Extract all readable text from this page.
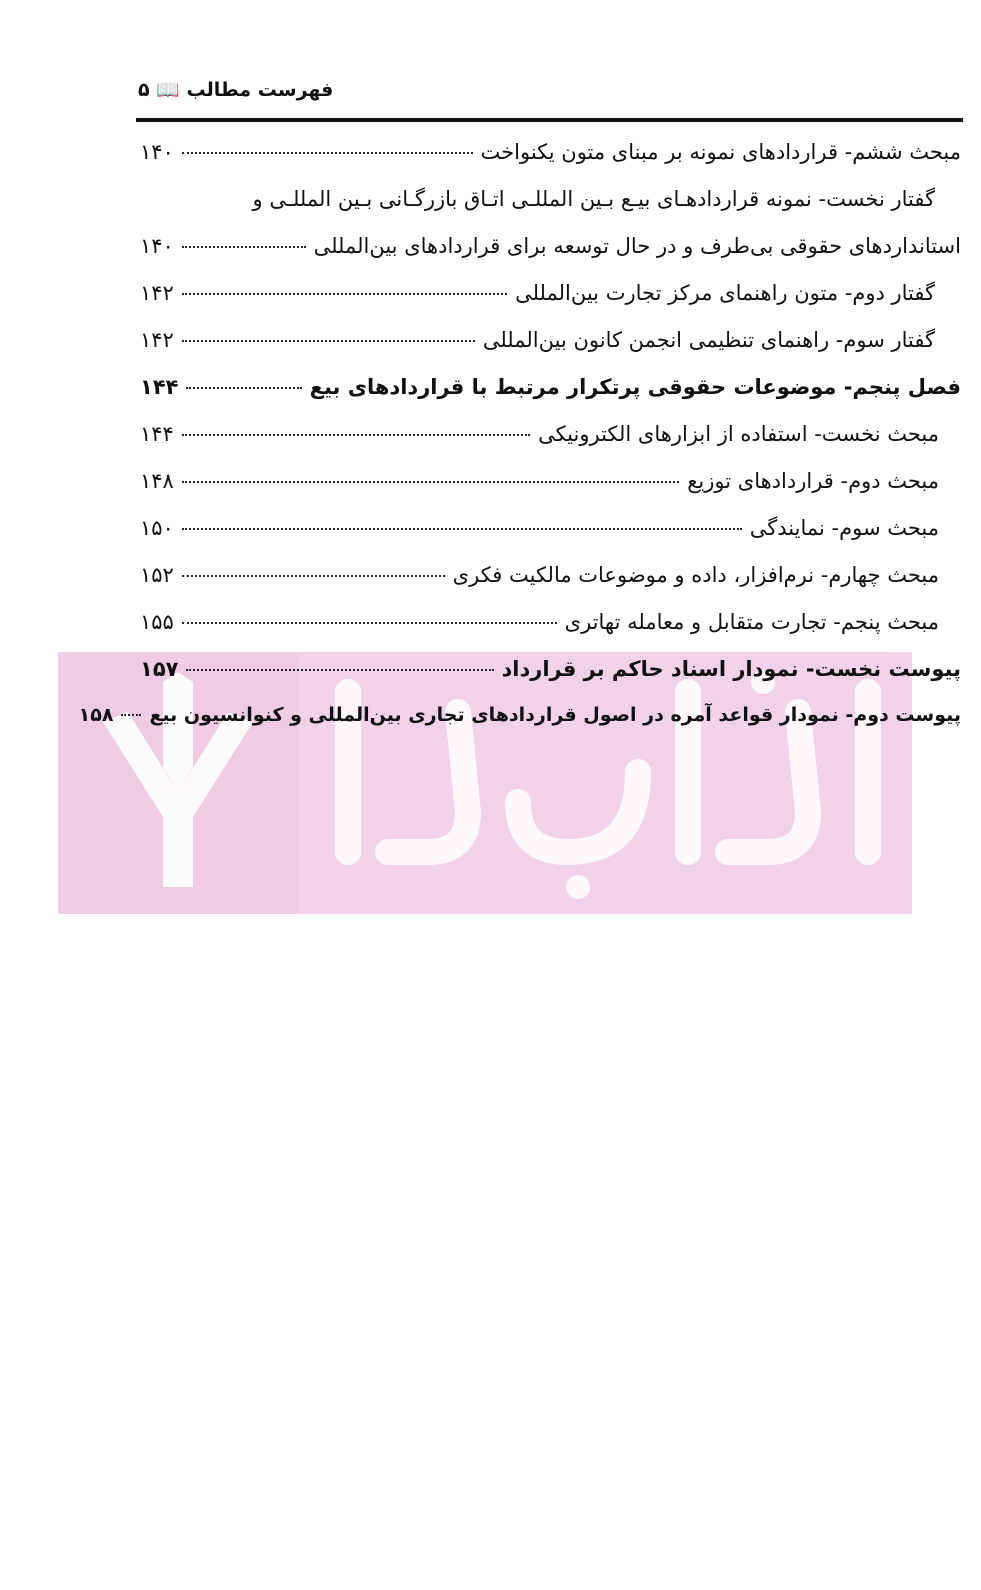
فهرست مطالب 📖 ۵
مبحث ششم- قراردادهای نمونه بر مبنای متون یکنواخت
۱۴۰
گفتار نخست- نمونه قراردادهـای بیـع بـین المللـی اتـاق بازرگـانی بـین المللـی و
استانداردهای حقوقی بی‌طرف و در حال توسعه برای قراردادهای بین‌المللی
۱۴۰
گفتار دوم- متون راهنمای مرکز تجارت بین‌المللی
۱۴۲
گفتار سوم- راهنمای تنظیمی انجمن کانون بین‌المللی
۱۴۲
فصل پنجم- موضوعات حقوقی پرتکرار مرتبط با قراردادهای بیع
۱۴۴
مبحث نخست- استفاده از ابزارهای الکترونیکی
۱۴۴
مبحث دوم- قراردادهای توزیع
۱۴۸
مبحث سوم- نمایندگی
۱۵۰
مبحث چهارم- نرم‌افزار، داده و موضوعات مالکیت فکری
۱۵۲
مبحث پنجم- تجارت متقابل و معامله تهاتری
۱۵۵
پیوست نخست- نمودار اسناد حاکم بر قرارداد
۱۵۷
پیوست دوم- نمودار قواعد آمره در اصول قراردادهای تجاری بین‌المللی و کنوانسیون بیع
۱۵۸
